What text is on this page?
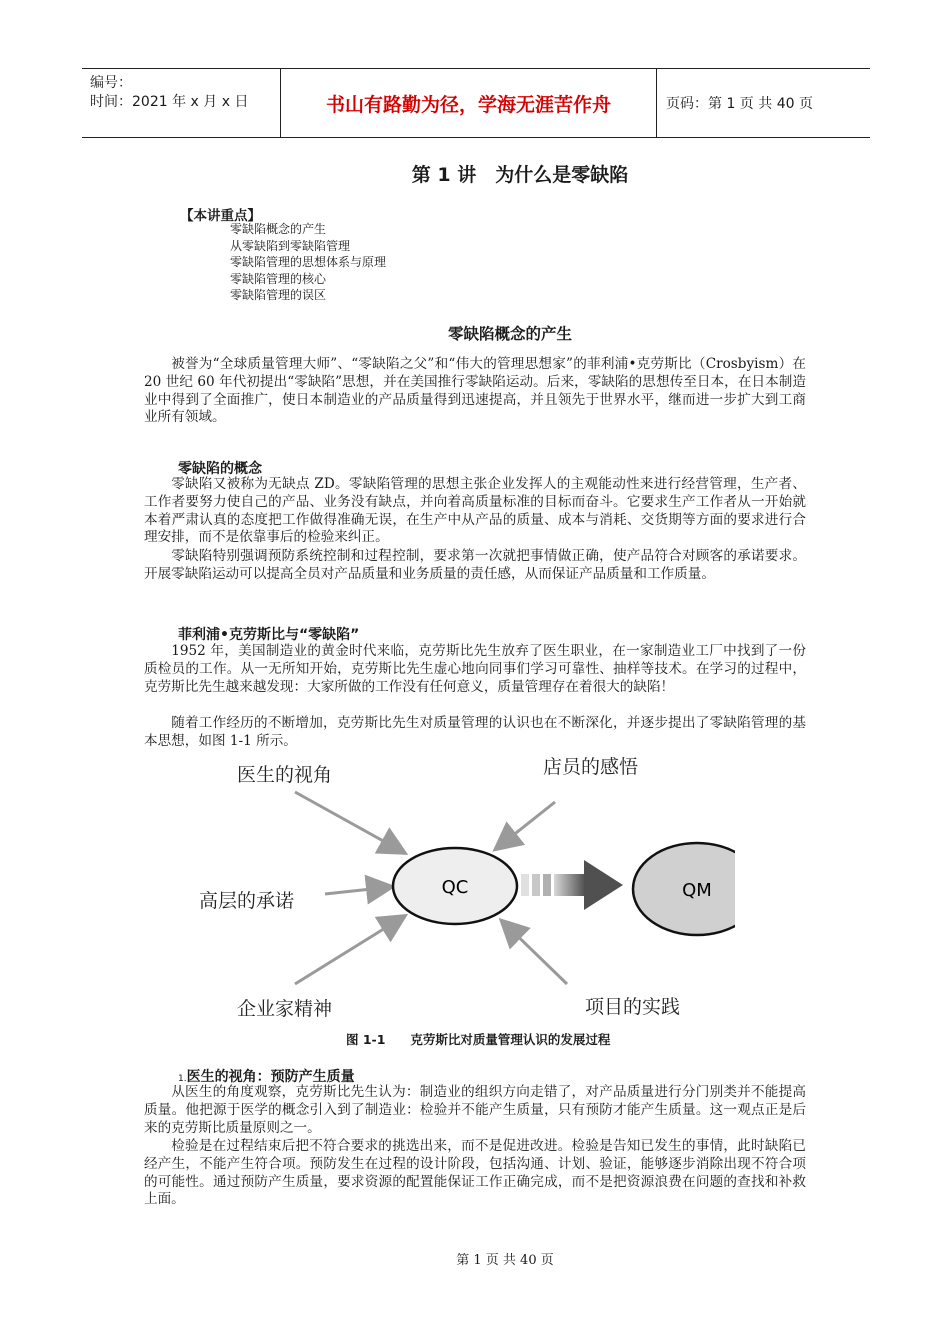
编号：
时间：2021 年 x 月 x 日	书山有路勤为径，学海无涯苦作舟	页码：第 1 页 共 40 页
第 1 讲　为什么是零缺陷
【本讲重点】
零缺陷概念的产生
从零缺陷到零缺陷管理
零缺陷管理的思想体系与原理
零缺陷管理的核心
零缺陷管理的误区
零缺陷概念的产生
被誉为“全球质量管理大师”、“零缺陷之父”和“伟大的管理思想家”的菲利浦•克劳斯比（Crosbyism）在 20 世纪 60 年代初提出“零缺陷”思想，并在美国推行零缺陷运动。后来，零缺陷的思想传至日本，在日本制造业中得到了全面推广，使日本制造业的产品质量得到迅速提高，并且领先于世界水平，继而进一步扩大到工商业所有领域。
零缺陷的概念
零缺陷又被称为无缺点 ZD。零缺陷管理的思想主张企业发挥人的主观能动性来进行经营管理，生产者、工作者要努力使自己的产品、业务没有缺点，并向着高质量标准的目标而奋斗。它要求生产工作者从一开始就本着严肃认真的态度把工作做得准确无误，在生产中从产品的质量、成本与消耗、交货期等方面的要求进行合理安排，而不是依靠事后的检验来纠正。
零缺陷特别强调预防系统控制和过程控制，要求第一次就把事情做正确，使产品符合对顾客的承诺要求。开展零缺陷运动可以提高全员对产品质量和业务质量的责任感，从而保证产品质量和工作质量。
菲利浦•克劳斯比与“零缺陷”
1952 年，美国制造业的黄金时代来临，克劳斯比先生放弃了医生职业，在一家制造业工厂中找到了一份质检员的工作。从一无所知开始，克劳斯比先生虚心地向同事们学习可靠性、抽样等技术。在学习的过程中，克劳斯比先生越来越发现：大家所做的工作没有任何意义，质量管理存在着很大的缺陷！
随着工作经历的不断增加，克劳斯比先生对质量管理的认识也在不断深化，并逐步提出了零缺陷管理的基本思想，如图 1-1 所示。
QC	QM
医生的视角	店员的感悟
高层的承诺
企业家精神	项目的实践
图 1-1　　克劳斯比对质量管理认识的发展过程
1.医生的视角：预防产生质量
从医生的角度观察，克劳斯比先生认为：制造业的组织方向走错了，对产品质量进行分门别类并不能提高质量。他把源于医学的概念引入到了制造业：检验并不能产生质量，只有预防才能产生质量。这一观点正是后来的克劳斯比质量原则之一。
检验是在过程结束后把不符合要求的挑选出来，而不是促进改进。检验是告知已发生的事情，此时缺陷已经产生，不能产生符合项。预防发生在过程的设计阶段，包括沟通、计划、验证，能够逐步消除出现不符合项的可能性。通过预防产生质量，要求资源的配置能保证工作正确完成，而不是把资源浪费在问题的查找和补救上面。
第 1 页 共 40 页
